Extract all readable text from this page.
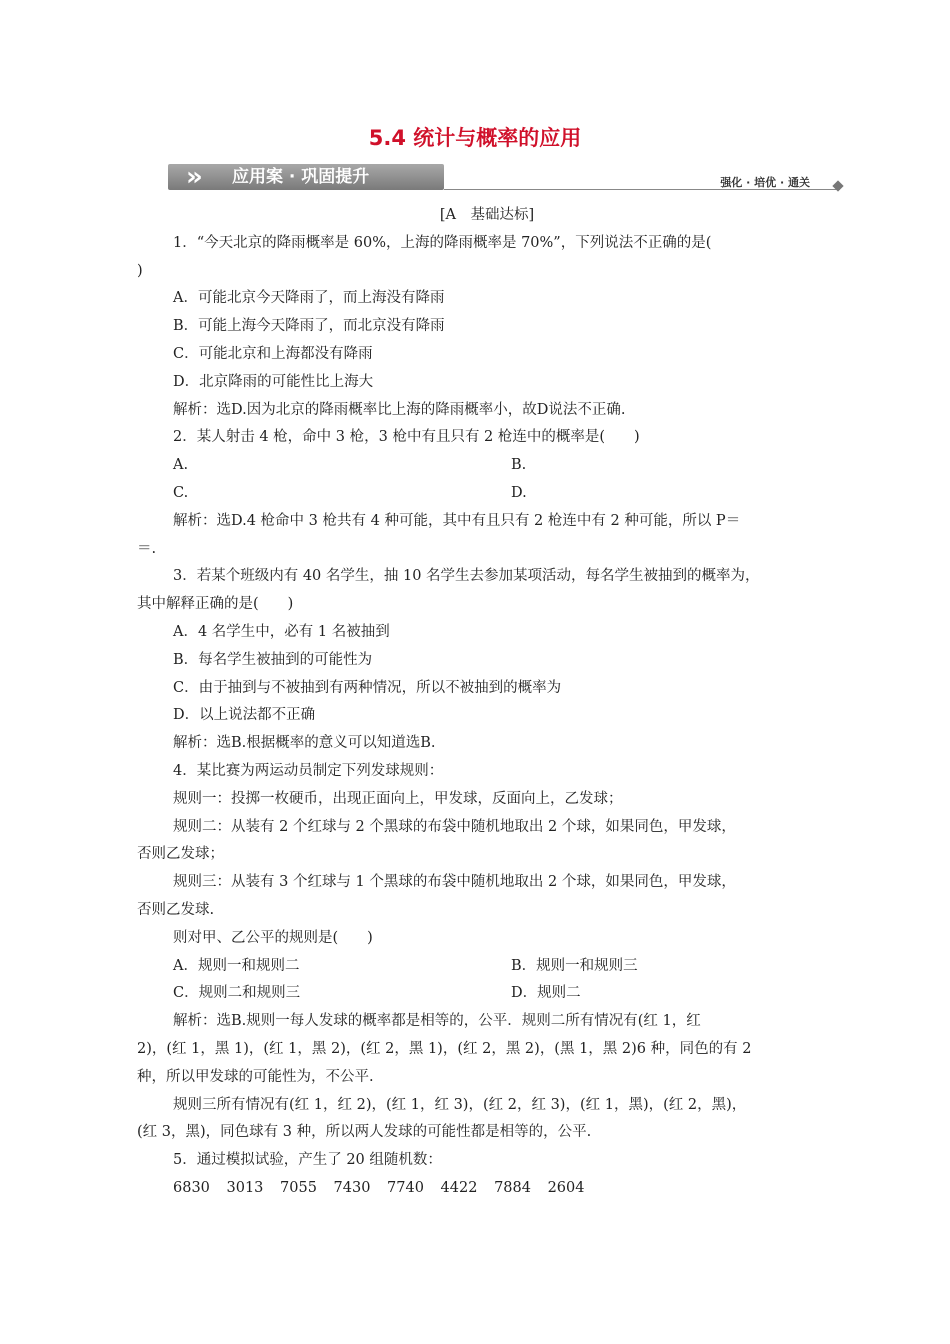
5.4 统计与概率的应用
» 应用案 · 巩固提升	强化 · 培优 · 通关
[A　基础达标]
1．“今天北京的降雨概率是 60%，上海的降雨概率是 70%”，下列说法不正确的是(
)
A．可能北京今天降雨了，而上海没有降雨
B．可能上海今天降雨了，而北京没有降雨
C．可能北京和上海都没有降雨
D．北京降雨的可能性比上海大
解析：选D.因为北京的降雨概率比上海的降雨概率小，故D说法不正确.
2．某人射击 4 枪，命中 3 枪，3 枪中有且只有 2 枪连中的概率是(　　)
A.	B.
C.	D.
解析：选D.4 枪命中 3 枪共有 4 种可能，其中有且只有 2 枪连中有 2 种可能，所以 P＝
＝.
3．若某个班级内有 40 名学生，抽 10 名学生去参加某项活动，每名学生被抽到的概率为，
其中解释正确的是(　　)
A．4 名学生中，必有 1 名被抽到
B．每名学生被抽到的可能性为
C．由于抽到与不被抽到有两种情况，所以不被抽到的概率为
D．以上说法都不正确
解析：选B.根据概率的意义可以知道选B.
4．某比赛为两运动员制定下列发球规则：
规则一：投掷一枚硬币，出现正面向上，甲发球，反面向上，乙发球；
规则二：从装有 2 个红球与 2 个黑球的布袋中随机地取出 2 个球，如果同色，甲发球，
否则乙发球；
规则三：从装有 3 个红球与 1 个黑球的布袋中随机地取出 2 个球，如果同色，甲发球，
否则乙发球.
则对甲、乙公平的规则是(　　)
A．规则一和规则二	B．规则一和规则三
C．规则二和规则三	D．规则二
解析：选B.规则一每人发球的概率都是相等的，公平．规则二所有情况有(红 1，红
2)，(红 1，黑 1)，(红 1，黑 2)，(红 2，黑 1)，(红 2，黑 2)，(黑 1，黑 2)6 种，同色的有 2
种，所以甲发球的可能性为，不公平.
规则三所有情况有(红 1，红 2)，(红 1，红 3)，(红 2，红 3)，(红 1，黑)，(红 2，黑)，
(红 3，黑)，同色球有 3 种，所以两人发球的可能性都是相等的，公平.
5．通过模拟试验，产生了 20 组随机数：
6830 3013 7055 7430 7740 4422 7884 2604
